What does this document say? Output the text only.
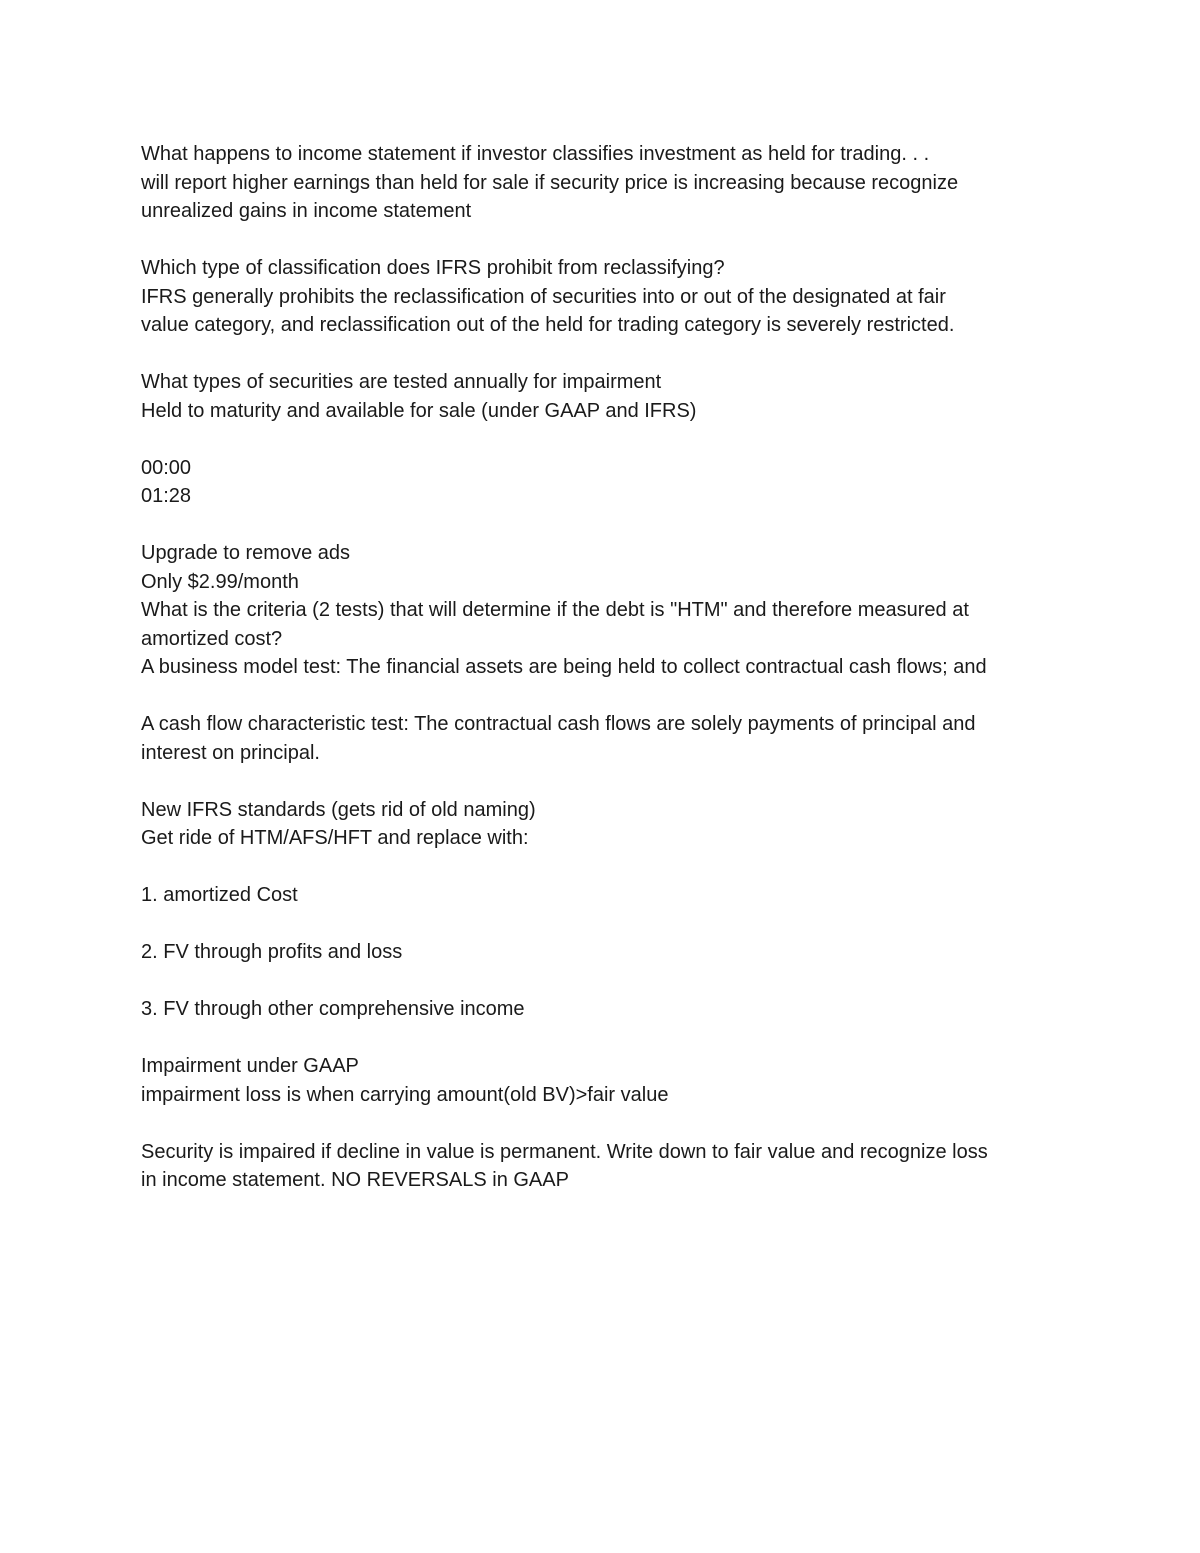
What happens to income statement if investor classifies investment as held for trading. . .
will report higher earnings than held for sale if security price is increasing because recognize
unrealized gains in income statement
Which type of classification does IFRS prohibit from reclassifying?
IFRS generally prohibits the reclassification of securities into or out of the designated at fair
value category, and reclassification out of the held for trading category is severely restricted.
What types of securities are tested annually for impairment
Held to maturity and available for sale (under GAAP and IFRS)
00:00
01:28
Upgrade to remove ads
Only $2.99/month
What is the criteria (2 tests) that will determine if the debt is "HTM" and therefore measured at
amortized cost?
A business model test: The financial assets are being held to collect contractual cash flows; and
A cash flow characteristic test: The contractual cash flows are solely payments of principal and
interest on principal.
New IFRS standards (gets rid of old naming)
Get ride of HTM/AFS/HFT and replace with:
1. amortized Cost
2. FV through profits and loss
3. FV through other comprehensive income
Impairment under GAAP
impairment loss is when carrying amount(old BV)>fair value
Security is impaired if decline in value is permanent. Write down to fair value and recognize loss
in income statement. NO REVERSALS in GAAP
